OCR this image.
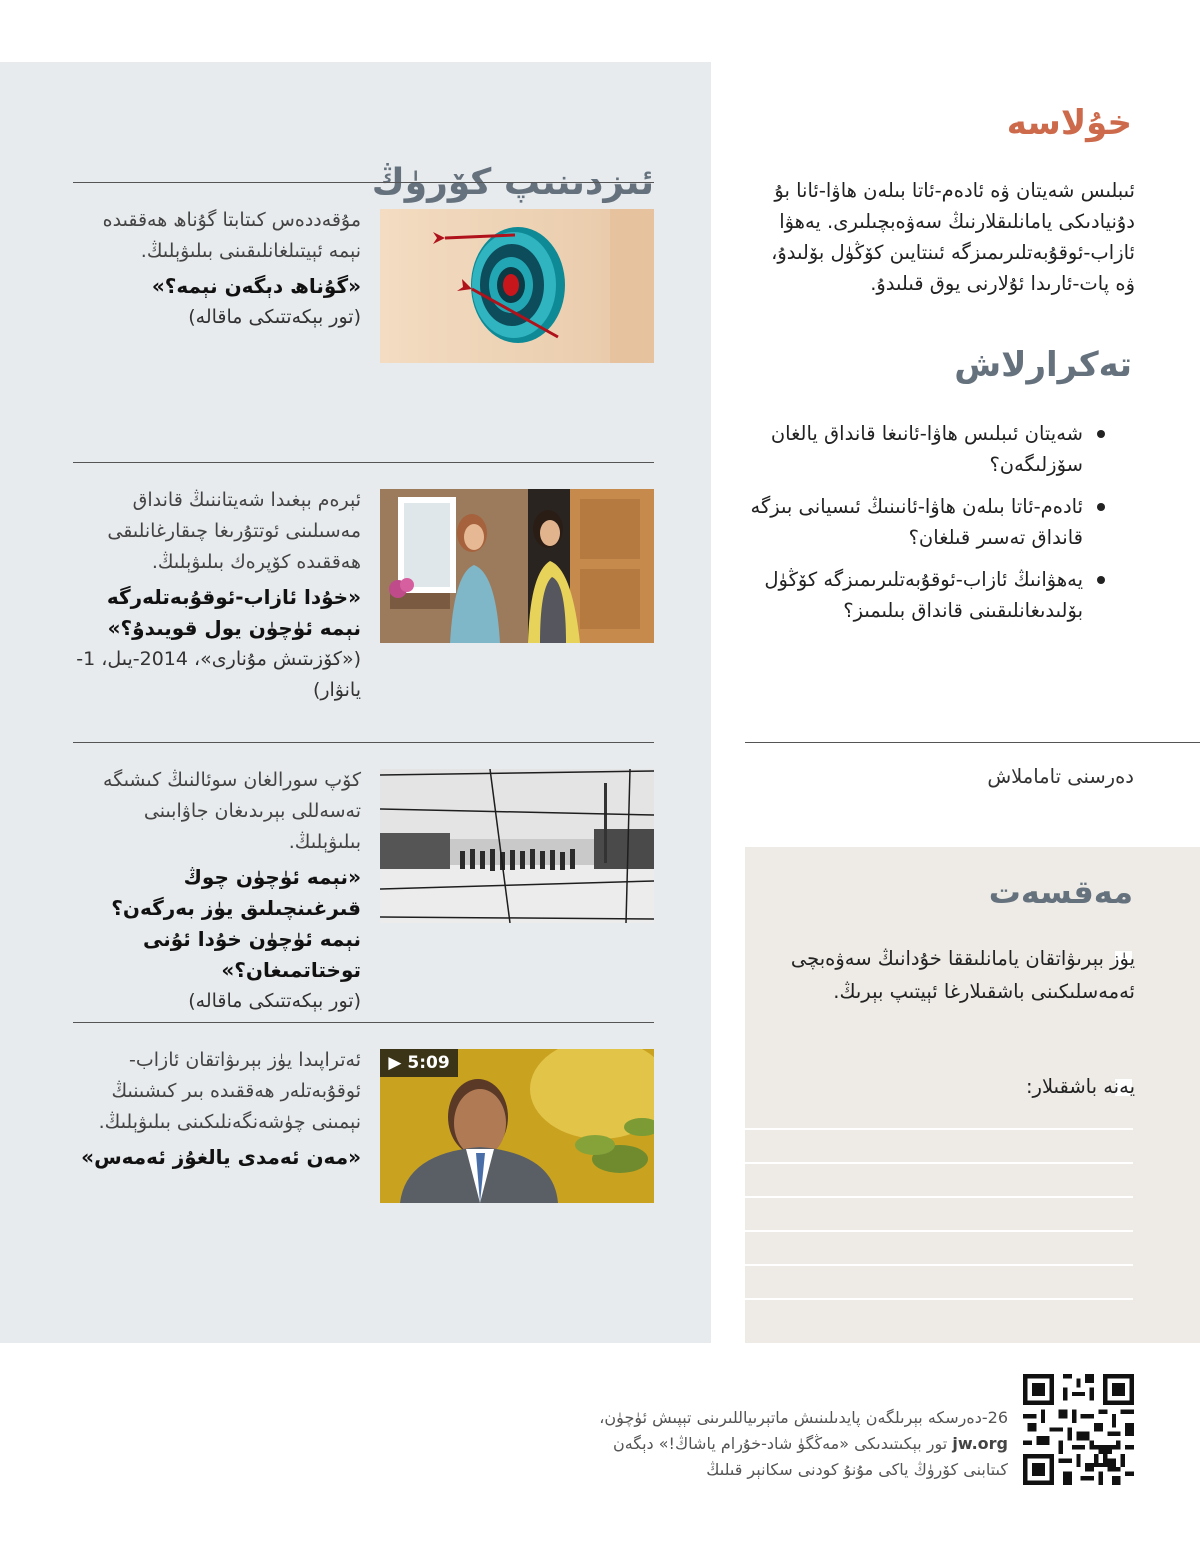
ئىزدىنىپ كۆرۈڭ
مۇقەددەس كىتابتا گۇناھ ھەققىدە نېمە ئېيتىلغانلىقىنى بىلىۋېلىڭ.
«گۇناھ دېگەن نېمە؟»
(تور بېكەتتىكى ماقالە)
ئېرەم بېغىدا شەيتاننىڭ قانداق مەسىلىنى ئوتتۇرىغا چىقارغانلىقى ھەققىدە كۆپرەك بىلىۋېلىڭ.
«خۇدا ئازاب-ئوقۇبەتلەرگە نېمە ئۈچۈن يول قويىدۇ؟»
(«كۆزىتىش مۇنارى»، 2014-يىل، 1-يانۋار)
كۆپ سورالغان سوئالنىڭ كىشىگە تەسەللى بېرىدىغان جاۋابىنى بىلىۋېلىڭ.
«نېمە ئۈچۈن چوڭ قىرغىنچىلىق يۈز بەرگەن؟ نېمە ئۈچۈن خۇدا ئۇنى توختاتمىغان؟»
(تور بېكەتتىكى ماقالە)
▶ 5:09
ئەتراپىدا يۈز بېرىۋاتقان ئازاب-ئوقۇبەتلەر ھەققىدە بىر كىشىنىڭ نېمىنى چۈشەنگەنلىكىنى بىلىۋېلىڭ.
«مەن ئەمدى يالغۇز ئەمەس»
خۇلاسە
ئىبلىس شەيتان ۋە ئادەم-ئاتا بىلەن ھاۋا-ئانا بۇ دۇنيادىكى يامانلىقلارنىڭ سەۋەبچىلىرى. يەھۋا ئازاب-ئوقۇبەتلىرىمىزگە ئىنتايىن كۆڭۈل بۆلىدۇ، ۋە پات-ئارىدا ئۇلارنى يوق قىلىدۇ.
تەكرارلاش
شەيتان ئىبلىس ھاۋا-ئانىغا قانداق يالغان سۆزلىگەن؟
ئادەم-ئاتا بىلەن ھاۋا-ئانىنىڭ ئىسيانى بىزگە قانداق تەسىر قىلغان؟
يەھۋانىڭ ئازاب-ئوقۇبەتلىرىمىزگە كۆڭۈل بۆلىدىغانلىقىنى قانداق بىلىمىز؟
دەرسنى تاماملاش
مەقسەت
يۈز بېرىۋاتقان يامانلىققا خۇدانىڭ سەۋەبچى ئەمەسلىكىنى باشقىلارغا ئېيتىپ بېرىڭ.
يەنە باشقىلار:
26-دەرسكە بېرىلگەن پايدىلىنىش ماتېرىياللىرىنى تېپىش ئۈچۈن،
jw.org تور بېكىتىدىكى «مەڭگۈ شاد-خۇرام ياشاڭ!» دېگەن
كىتابنى كۆرۈڭ ياكى مۇنۇ كودنى سكانېر قىلىڭ
